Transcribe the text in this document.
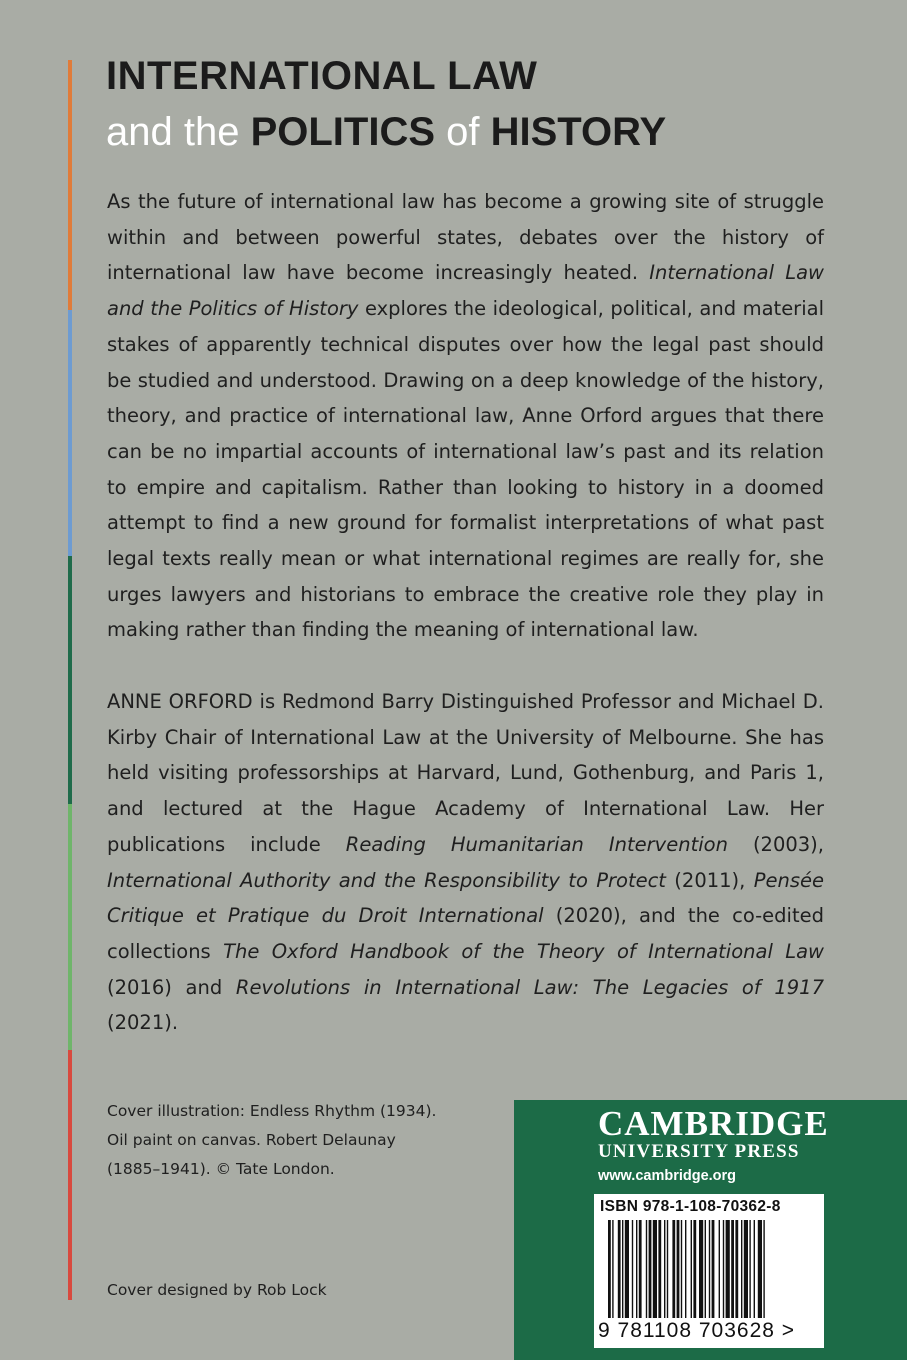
INTERNATIONAL LAW
and the POLITICS of HISTORY

As the future of international law has become a growing site of struggle within and between powerful states, debates over the history of international law have become increasingly heated. International Law and the Politics of History explores the ideological, political, and material stakes of apparently technical disputes over how the legal past should be studied and understood. Drawing on a deep knowledge of the history, theory, and practice of international law, Anne Orford argues that there can be no impartial accounts of international law’s past and its relation to empire and capitalism. Rather than looking to history in a doomed attempt to find a new ground for formalist interpretations of what past legal texts really mean or what international regimes are really for, she urges lawyers and historians to embrace the creative role they play in making rather than finding the meaning of international law.

ANNE ORFORD is Redmond Barry Distinguished Professor and Michael D. Kirby Chair of International Law at the University of Melbourne. She has held visiting professorships at Harvard, Lund, Gothenburg, and Paris 1, and lectured at the Hague Academy of International Law. Her publications include Reading Humanitarian Intervention (2003), International Authority and the Responsibility to Protect (2011), Pensée Critique et Pratique du Droit International (2020), and the co-edited collections The Oxford Handbook of the Theory of International Law (2016) and Revolutions in International Law: The Legacies of 1917 (2021).

Cover illustration: Endless Rhythm (1934).
Oil paint on canvas. Robert Delaunay
(1885–1941). © Tate London.
Cover designed by Rob Lock
CAMBRIDGE
UNIVERSITY PRESS
www.cambridge.org
ISBN 978-1-108-70362-8
9 781108 703628 >
